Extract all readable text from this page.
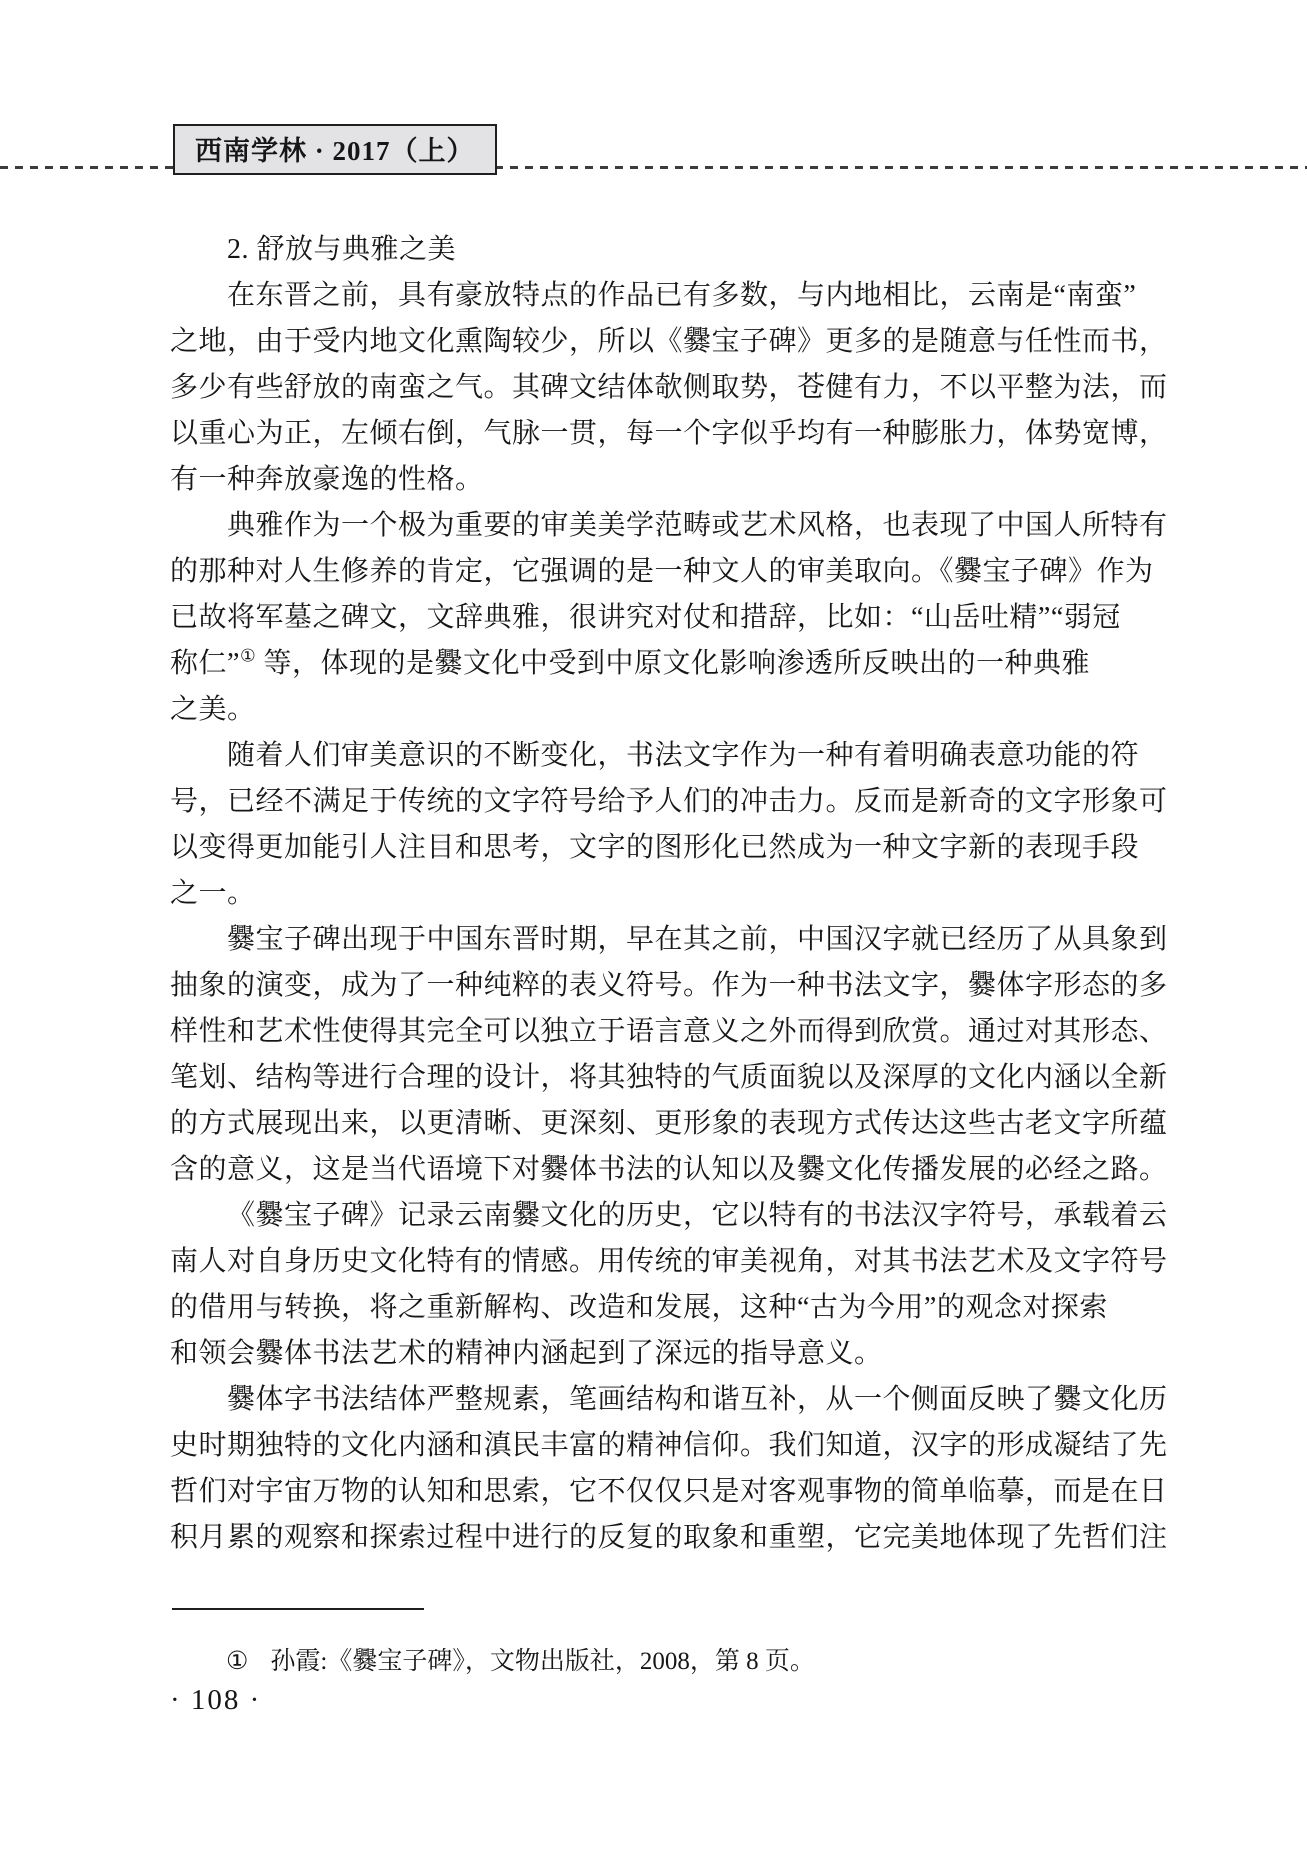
西南学林 · 2017（上）
2. 舒放与典雅之美
在东晋之前，具有豪放特点的作品已有多数，与内地相比，云南是“南蛮”
之地，由于受内地文化熏陶较少，所以《爨宝子碑》更多的是随意与任性而书，
多少有些舒放的南蛮之气。其碑文结体欹侧取势，苍健有力，不以平整为法，而
以重心为正，左倾右倒，气脉一贯，每一个字似乎均有一种膨胀力，体势宽博，
有一种奔放豪逸的性格。
典雅作为一个极为重要的审美美学范畴或艺术风格，也表现了中国人所特有
的那种对人生修养的肯定，它强调的是一种文人的审美取向。《爨宝子碑》作为
已故将军墓之碑文，文辞典雅，很讲究对仗和措辞，比如：“山岳吐精”“弱冠
称仁”① 等，体现的是爨文化中受到中原文化影响渗透所反映出的一种典雅
之美。
随着人们审美意识的不断变化，书法文字作为一种有着明确表意功能的符
号，已经不满足于传统的文字符号给予人们的冲击力。反而是新奇的文字形象可
以变得更加能引人注目和思考，文字的图形化已然成为一种文字新的表现手段
之一。
爨宝子碑出现于中国东晋时期，早在其之前，中国汉字就已经历了从具象到
抽象的演变，成为了一种纯粹的表义符号。作为一种书法文字，爨体字形态的多
样性和艺术性使得其完全可以独立于语言意义之外而得到欣赏。通过对其形态、
笔划、结构等进行合理的设计，将其独特的气质面貌以及深厚的文化内涵以全新
的方式展现出来，以更清晰、更深刻、更形象的表现方式传达这些古老文字所蕴
含的意义，这是当代语境下对爨体书法的认知以及爨文化传播发展的必经之路。
《爨宝子碑》记录云南爨文化的历史，它以特有的书法汉字符号，承载着云
南人对自身历史文化特有的情感。用传统的审美视角，对其书法艺术及文字符号
的借用与转换，将之重新解构、改造和发展，这种“古为今用”的观念对探索
和领会爨体书法艺术的精神内涵起到了深远的指导意义。
爨体字书法结体严整规素，笔画结构和谐互补，从一个侧面反映了爨文化历
史时期独特的文化内涵和滇民丰富的精神信仰。我们知道，汉字的形成凝结了先
哲们对宇宙万物的认知和思索，它不仅仅只是对客观事物的简单临摹，而是在日
积月累的观察和探索过程中进行的反复的取象和重塑，它完美地体现了先哲们注
① 孙霞:《爨宝子碑》，文物出版社，2008，第 8 页。
· 108 ·
